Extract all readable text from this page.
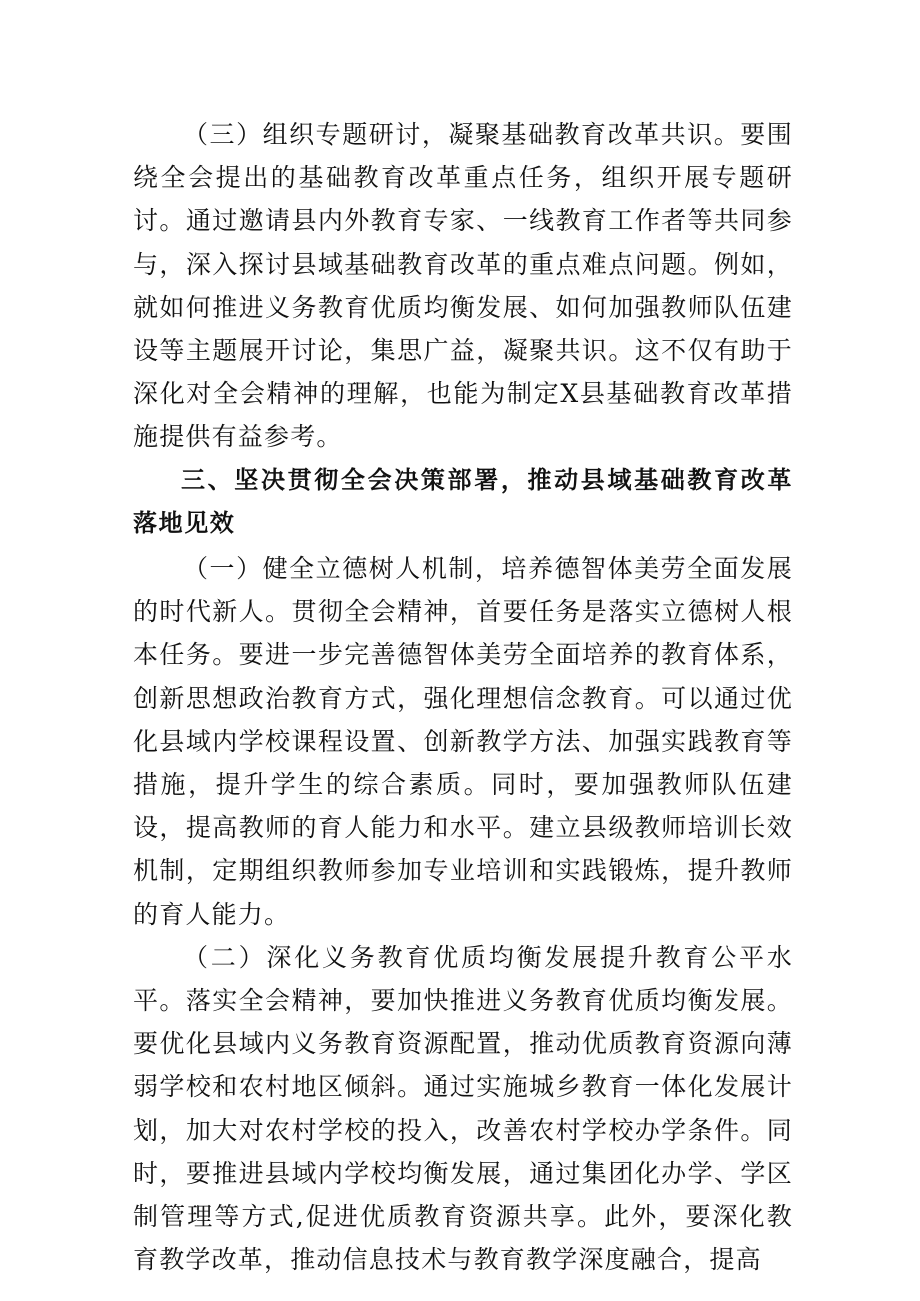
（三）组织专题研讨，凝聚基础教育改革共识。要围绕全会提出的基础教育改革重点任务，组织开展专题研讨。通过邀请县内外教育专家、一线教育工作者等共同参与，深入探讨县域基础教育改革的重点难点问题。例如，就如何推进义务教育优质均衡发展、如何加强教师队伍建设等主题展开讨论，集思广益，凝聚共识。这不仅有助于深化对全会精神的理解，也能为制定X县基础教育改革措施提供有益参考。

三、坚决贯彻全会决策部署，推动县域基础教育改革落地见效

（一）健全立德树人机制，培养德智体美劳全面发展的时代新人。贯彻全会精神，首要任务是落实立德树人根本任务。要进一步完善德智体美劳全面培养的教育体系，创新思想政治教育方式，强化理想信念教育。可以通过优化县域内学校课程设置、创新教学方法、加强实践教育等措施，提升学生的综合素质。同时，要加强教师队伍建设，提高教师的育人能力和水平。建立县级教师培训长效机制，定期组织教师参加专业培训和实践锻炼，提升教师的育人能力。

（二）深化义务教育优质均衡发展提升教育公平水平。落实全会精神，要加快推进义务教育优质均衡发展。要优化县域内义务教育资源配置，推动优质教育资源向薄弱学校和农村地区倾斜。通过实施城乡教育一体化发展计划，加大对农村学校的投入，改善农村学校办学条件。同时，要推进县域内学校均衡发展，通过集团化办学、学区制管理等方式,促进优质教育资源共享。此外，要深化教育教学改革，推动信息技术与教育教学深度融合，提高
